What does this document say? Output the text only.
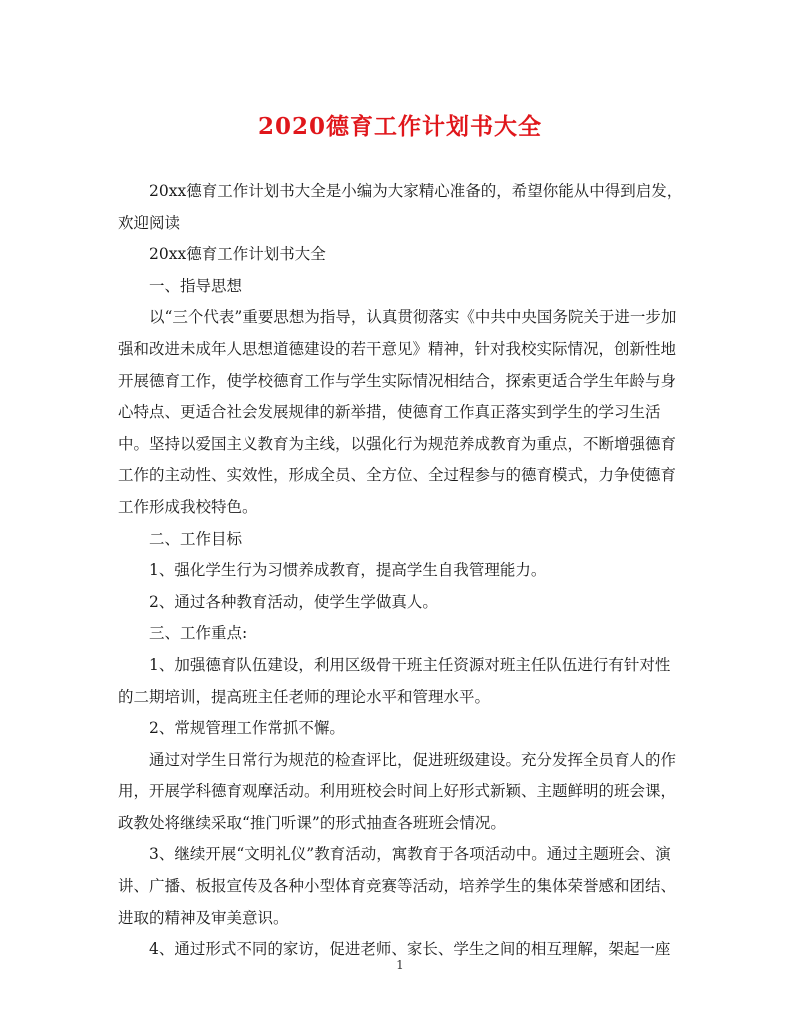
2020德育工作计划书大全

20xx德育工作计划书大全是小编为大家精心准备的，希望你能从中得到启发，欢迎阅读

20xx德育工作计划书大全

一、指导思想

以“三个代表”重要思想为指导，认真贯彻落实《中共中央国务院关于进一步加强和改进未成年人思想道德建设的若干意见》精神，针对我校实际情况，创新性地开展德育工作，使学校德育工作与学生实际情况相结合，探索更适合学生年龄与身心特点、更适合社会发展规律的新举措，使德育工作真正落实到学生的学习生活中。坚持以爱国主义教育为主线，以强化行为规范养成教育为重点，不断增强德育工作的主动性、实效性，形成全员、全方位、全过程参与的德育模式，力争使德育工作形成我校特色。

二、工作目标

1、强化学生行为习惯养成教育，提高学生自我管理能力。

2、通过各种教育活动，使学生学做真人。

三、工作重点:

1、加强德育队伍建设，利用区级骨干班主任资源对班主任队伍进行有针对性的二期培训，提高班主任老师的理论水平和管理水平。

2、常规管理工作常抓不懈。

通过对学生日常行为规范的检查评比，促进班级建设。充分发挥全员育人的作用，开展学科德育观摩活动。利用班校会时间上好形式新颖、主题鲜明的班会课，政教处将继续采取“推门听课”的形式抽查各班班会情况。

3、继续开展“文明礼仪”教育活动，寓教育于各项活动中。通过主题班会、演讲、广播、板报宣传及各种小型体育竞赛等活动，培养学生的集体荣誉感和团结、进取的精神及审美意识。

4、通过形式不同的家访，促进老师、家长、学生之间的相互理解，架起一座

1
